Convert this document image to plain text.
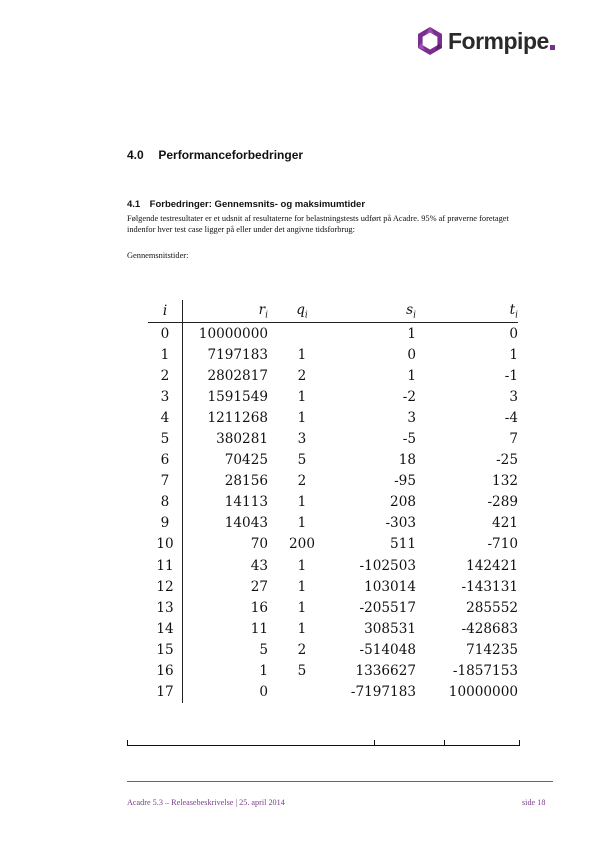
Formpipe
4.0 Performanceforbedringer
4.1 Forbedringer: Gennemsnits- og maksimumtider
Følgende testresultater er et udsnit af resultaterne for belastningstests udført på Acadre. 95% af prøverne foretaget indenfor hver test case ligger på eller under det angivne tidsforbrug:
Gennemsnitstider:
i	$r_i$	$q_i$	$s_i$	$t_i$
0	10000000		1	0
1	7197183	1	0	1
2	2802817	2	1	-1
3	1591549	1	-2	3
4	1211268	1	3	-4
5	380281	3	-5	7
6	70425	5	18	-25
7	28156	2	-95	132
8	14113	1	208	-289
9	14043	1	-303	421
10	70	200	511	-710
11	43	1	-102503	142421
12	27	1	103014	-143131
13	16	1	-205517	285552
14	11	1	308531	-428683
15	5	2	-514048	714235
16	1	5	1336627	-1857153
17	0		-7197183	10000000
Acadre 5.3 – Releasebeskrivelse | 25. april 2014	side 18
